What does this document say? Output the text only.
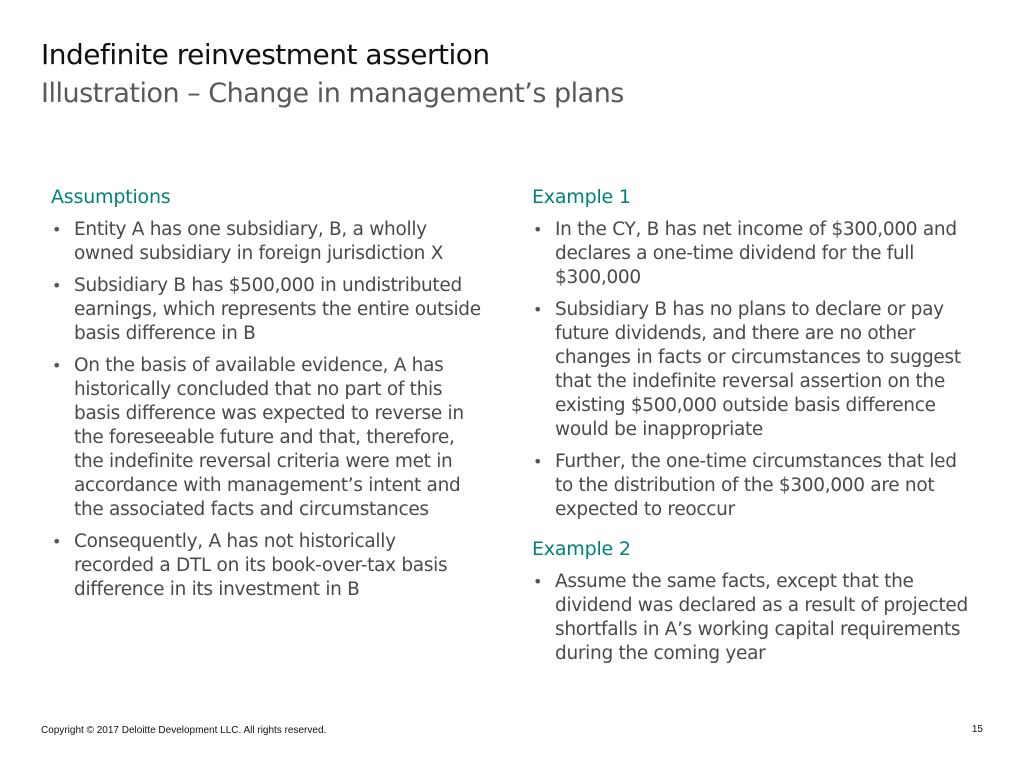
Indefinite reinvestment assertion
Illustration – Change in management’s plans
Assumptions
• Entity A has one subsidiary, B, a wholly owned subsidiary in foreign jurisdiction X
• Subsidiary B has $500,000 in undistributed earnings, which represents the entire outside basis difference in B
• On the basis of available evidence, A has historically concluded that no part of this basis difference was expected to reverse in the foreseeable future and that, therefore, the indefinite reversal criteria were met in accordance with management’s intent and the associated facts and circumstances
• Consequently, A has not historically recorded a DTL on its book-over-tax basis difference in its investment in B
Example 1
• In the CY, B has net income of $300,000 and declares a one-time dividend for the full $300,000
• Subsidiary B has no plans to declare or pay future dividends, and there are no other changes in facts or circumstances to suggest that the indefinite reversal assertion on the existing $500,000 outside basis difference would be inappropriate
• Further, the one-time circumstances that led to the distribution of the $300,000 are not expected to reoccur
Example 2
• Assume the same facts, except that the dividend was declared as a result of projected shortfalls in A’s working capital requirements during the coming year
Copyright © 2017 Deloitte Development LLC. All rights reserved.	15
